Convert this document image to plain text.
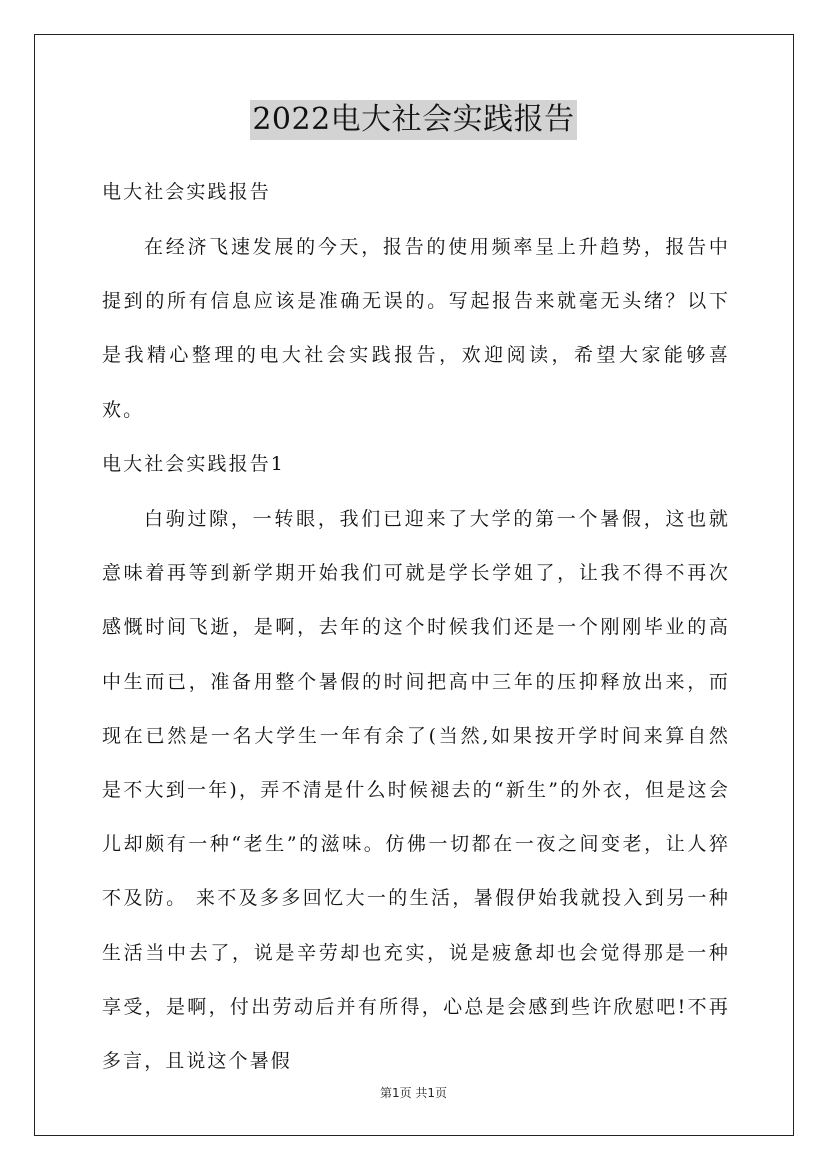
2022电大社会实践报告

电大社会实践报告

在经济飞速发展的今天，报告的使用频率呈上升趋势，报告中提到的所有信息应该是准确无误的。写起报告来就毫无头绪？以下是我精心整理的电大社会实践报告，欢迎阅读，希望大家能够喜欢。

电大社会实践报告1

白驹过隙，一转眼，我们已迎来了大学的第一个暑假，这也就意味着再等到新学期开始我们可就是学长学姐了，让我不得不再次感慨时间飞逝，是啊，去年的这个时候我们还是一个刚刚毕业的高中生而已，准备用整个暑假的时间把高中三年的压抑释放出来，而现在已然是一名大学生一年有余了(当然,如果按开学时间来算自然是不大到一年)，弄不清是什么时候褪去的“新生”的外衣，但是这会儿却颇有一种“老生”的滋味。仿佛一切都在一夜之间变老，让人猝不及防。 来不及多多回忆大一的生活，暑假伊始我就投入到另一种生活当中去了，说是辛劳却也充实，说是疲惫却也会觉得那是一种享受，是啊，付出劳动后并有所得，心总是会感到些许欣慰吧!不再多言，且说这个暑假

第1页 共1页
